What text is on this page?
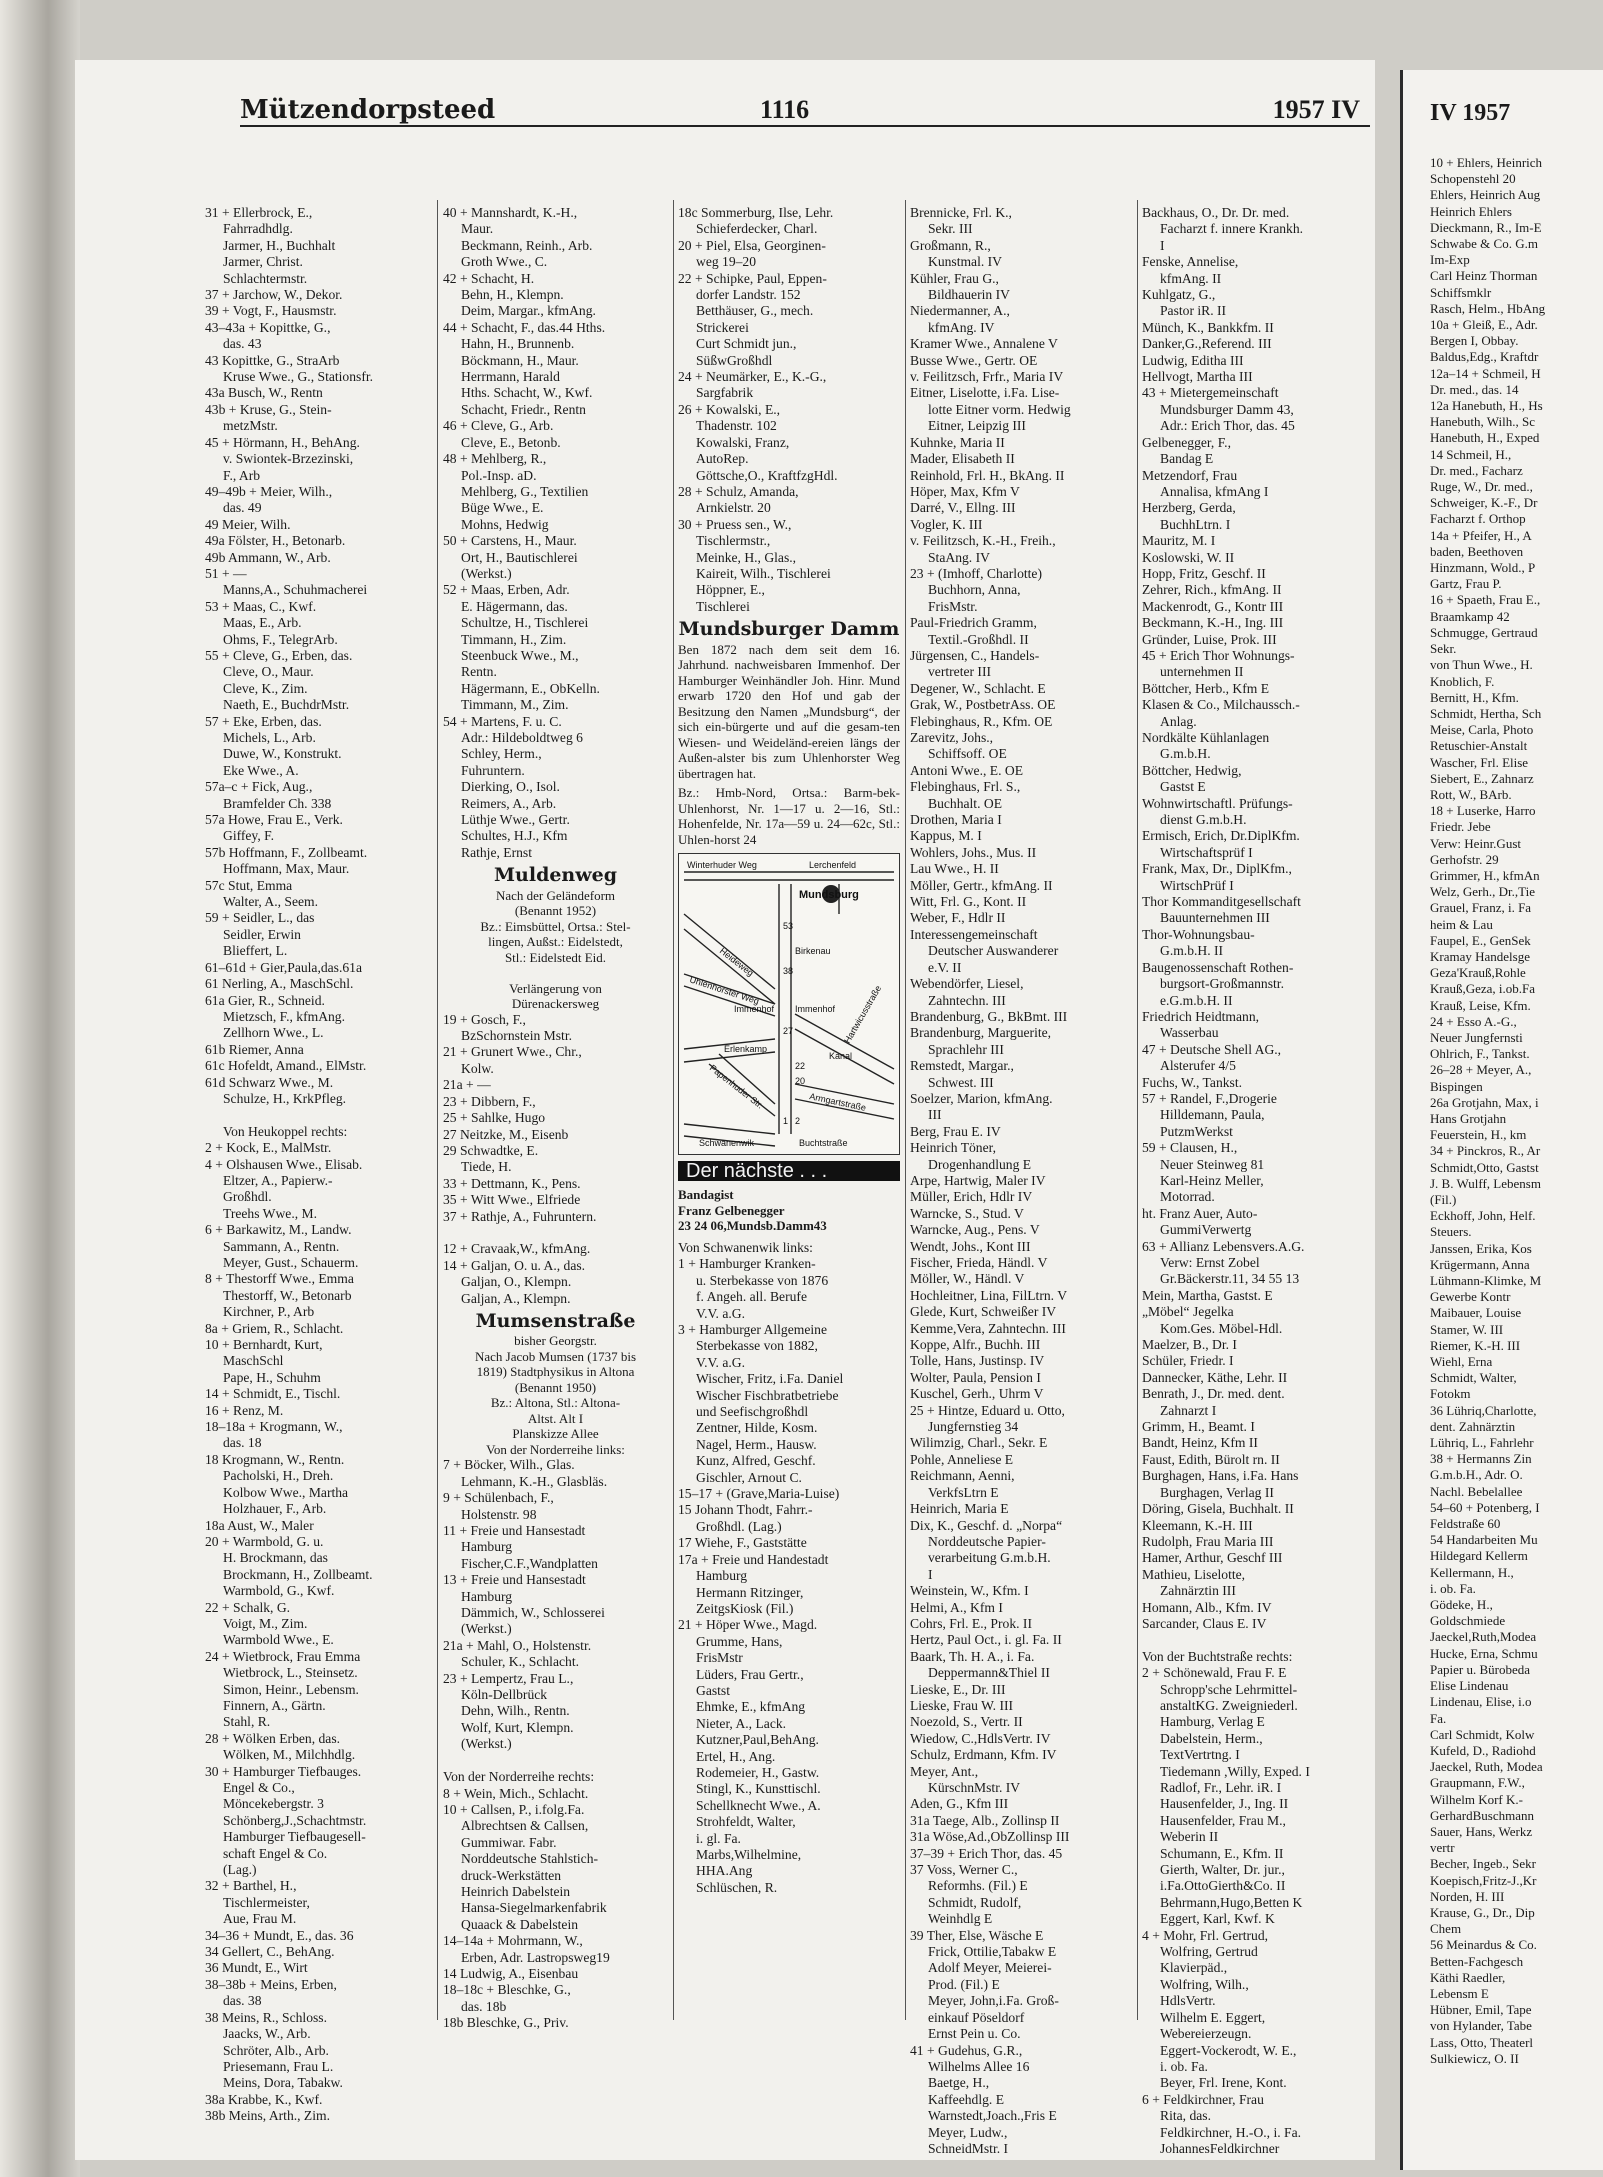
Mützendorpsteed	1116	1957 IV	IV 1957
31 + Ellerbrock, E.,
Fahrradhdlg.
Jarmer, H., Buchhalt
Jarmer, Christ.
Schlachtermstr.
37 + Jarchow, W., Dekor.
39 + Vogt, F., Hausmstr.
43–43a + Kopittke, G.,
das. 43
43 Kopittke, G., StraArb
Kruse Wwe., G., Stationsfr.
43a Busch, W., Rentn
43b + Kruse, G., Stein-
metzMstr.
45 + Hörmann, H., BehAng.
v. Swiontek-Brzezinski,
F., Arb
49–49b + Meier, Wilh.,
das. 49
49 Meier, Wilh.
49a Fölster, H., Betonarb.
49b Ammann, W., Arb.
51 + —
Manns,A., Schuhmacherei
53 + Maas, C., Kwf.
Maas, E., Arb.
Ohms, F., TelegrArb.
55 + Cleve, G., Erben, das.
Cleve, O., Maur.
Cleve, K., Zim.
Naeth, E., BuchdrMstr.
57 + Eke, Erben, das.
Michels, L., Arb.
Duwe, W., Konstrukt.
Eke Wwe., A.
57a–c + Fick, Aug.,
Bramfelder Ch. 338
57a Howe, Frau E., Verk.
Giffey, F.
57b Hoffmann, F., Zollbeamt.
Hoffmann, Max, Maur.
57c Stut, Emma
Walter, A., Seem.
59 + Seidler, L., das
Seidler, Erwin
Blieffert, L.
61–61d + Gier,Paula,das.61a
61 Nerling, A., MaschSchl.
61a Gier, R., Schneid.
Mietzsch, F., kfmAng.
Zellhorn Wwe., L.
61b Riemer, Anna
61c Hofeldt, Amand., ElMstr.
61d Schwarz Wwe., M.
Schulze, H., KrkPfleg.

Von Heukoppel rechts:
2 + Kock, E., MalMstr.
4 + Olshausen Wwe., Elisab.
Eltzer, A., Papierw.-
Großhdl.
Treehs Wwe., M.
6 + Barkawitz, M., Landw.
Sammann, A., Rentn.
Meyer, Gust., Schauerm.
8 + Thestorff Wwe., Emma
Thestorff, W., Betonarb
Kirchner, P., Arb
8a + Griem, R., Schlacht.
10 + Bernhardt, Kurt,
MaschSchl
Pape, H., Schuhm
14 + Schmidt, E., Tischl.
16 + Renz, M.
18–18a + Krogmann, W.,
das. 18
18 Krogmann, W., Rentn.
Pacholski, H., Dreh.
Kolbow Wwe., Martha
Holzhauer, F., Arb.
18a Aust, W., Maler
20 + Warmbold, G. u.
H. Brockmann, das
Brockmann, H., Zollbeamt.
Warmbold, G., Kwf.
22 + Schalk, G.
Voigt, M., Zim.
Warmbold Wwe., E.
24 + Wietbrock, Frau Emma
Wietbrock, L., Steinsetz.
Simon, Heinr., Lebensm.
Finnern, A., Gärtn.
Stahl, R.
28 + Wölken Erben, das.
Wölken, M., Milchhdlg.
30 + Hamburger Tiefbauges.
Engel & Co.,
Möncekebergstr. 3
Schönberg,J.,Schachtmstr.
Hamburger Tiefbaugesell-
schaft Engel & Co.
(Lag.)
32 + Barthel, H.,
Tischlermeister,
Aue, Frau M.
34–36 + Mundt, E., das. 36
34 Gellert, C., BehAng.
36 Mundt, E., Wirt
38–38b + Meins, Erben,
das. 38
38 Meins, R., Schloss.
Jaacks, W., Arb.
Schröter, Alb., Arb.
Priesemann, Frau L.
Meins, Dora, Tabakw.
38a Krabbe, K., Kwf.
38b Meins, Arth., Zim.
40 + Mannshardt, K.-H.,
Maur.
Beckmann, Reinh., Arb.
Groth Wwe., C.
42 + Schacht, H.
Behn, H., Klempn.
Deim, Margar., kfmAng.
44 + Schacht, F., das.44 Hths.
Hahn, H., Brunnenb.
Böckmann, H., Maur.
Herrmann, Harald
Hths. Schacht, W., Kwf.
Schacht, Friedr., Rentn
46 + Cleve, G., Arb.
Cleve, E., Betonb.
48 + Mehlberg, R.,
Pol.-Insp. aD.
Mehlberg, G., Textilien
Büge Wwe., E.
Mohns, Hedwig
50 + Carstens, H., Maur.
Ort, H., Bautischlerei
(Werkst.)
52 + Maas, Erben, Adr.
E. Hägermann, das.
Schultze, H., Tischlerei
Timmann, H., Zim.
Steenbuck Wwe., M.,
Rentn.
Hägermann, E., ObKelln.
Timmann, M., Zim.
54 + Martens, F. u. C.
Adr.: Hildeboldtweg 6
Schley, Herm.,
Fuhruntern.
Dierking, O., Isol.
Reimers, A., Arb.
Lüthje Wwe., Gertr.
Schultes, H.J., Kfm
Rathje, Ernst
Muldenweg
Nach der Geländeform
(Benannt 1952)
Bz.: Eimsbüttel, Ortsa.: Stel-
lingen, Außst.: Eidelstedt,
Stl.: Eidelstedt Eid.

Verlängerung von
Dürenackersweg
19 + Gosch, F.,
BzSchornstein Mstr.
21 + Grunert Wwe., Chr.,
Kolw.
21a + —
23 + Dibbern, F.,
25 + Sahlke, Hugo
27 Neitzke, M., Eisenb
29 Schwadtke, E.
Tiede, H.
33 + Dettmann, K., Pens.
35 + Witt Wwe., Elfriede
37 + Rathje, A., Fuhruntern.

12 + Cravaak,W., kfmAng.
14 + Galjan, O. u. A., das.
Galjan, O., Klempn.
Galjan, A., Klempn.
Mumsenstraße
bisher Georgstr.
Nach Jacob Mumsen (1737 bis
1819) Stadtphysikus in Altona
(Benannt 1950)
Bz.: Altona, Stl.: Altona-
Altst. Alt I
Planskizze Allee
Von der Norderreihe links:
7 + Böcker, Wilh., Glas.
Lehmann, K.-H., Glasbläs.
9 + Schülenbach, F.,
Holstenstr. 98
11 + Freie und Hansestadt
Hamburg
Fischer,C.F.,Wandplatten
13 + Freie und Hansestadt
Hamburg
Dämmich, W., Schlosserei
(Werkst.)
21a + Mahl, O., Holstenstr.
Schuler, K., Schlacht.
23 + Lempertz, Frau L.,
Köln-Dellbrück
Dehn, Wilh., Rentn.
Wolf, Kurt, Klempn.
(Werkst.)

Von der Norderreihe rechts:
8 + Wein, Mich., Schlacht.
10 + Callsen, P., i.folg.Fa.
Albrechtsen & Callsen,
Gummiwar. Fabr.
Norddeutsche Stahlstich-
druck-Werkstätten
Heinrich Dabelstein
Hansa-Siegelmarkenfabrik
Quaack & Dabelstein
14–14a + Mohrmann, W.,
Erben, Adr. Lastropsweg19
14 Ludwig, A., Eisenbau
18–18c + Bleschke, G.,
das. 18b
18b Bleschke, G., Priv.
18c Sommerburg, Ilse, Lehr.
Schieferdecker, Charl.
20 + Piel, Elsa, Georginen-
weg 19–20
22 + Schipke, Paul, Eppen-
dorfer Landstr. 152
Betthäuser, G., mech.
Strickerei
Curt Schmidt jun.,
SüßwGroßhdl
24 + Neumärker, E., K.-G.,
Sargfabrik
26 + Kowalski, E.,
Thadenstr. 102
Kowalski, Franz,
AutoRep.
Göttsche,O., KraftfzgHdl.
28 + Schulz, Amanda,
Arnkielstr. 20
30 + Pruess sen., W.,
Tischlermstr.,
Meinke, H., Glas.,
Kaireit, Wilh., Tischlerei
Höppner, E.,
Tischlerei
Mundsburger Damm
Ben 1872 nach dem seit dem 16. Jahrhund. nachweisbaren Immenhof. Der Hamburger Weinhändler Joh. Hinr. Mund erwarb 1720 den Hof und gab der Besitzung den Namen „Mundsburg“, der sich ein-bürgerte und auf die gesam-ten Wiesen- und Weideländ-ereien längs der Außen-alster bis zum Uhlenhorster Weg übertragen hat.
Bz.: Hmb-Nord, Ortsa.: Barm-bek-Uhlenhorst, Nr. 1—17 u. 2—16, Stl.: Hohenfelde, Nr. 17a—59 u. 24—62c, Stl.: Uhlen-horst 24
Winterhuder Weg	Lerchenfeld
Mundsburg
Heideweg
Uhlenhorster Weg
Birkenau
Immenhof Immenhof
Erlenkamp
Papenhuder Str.
Hartwicusstraße
Schwanenwik	Buchtstraße
Armgartstraße
Kanal
53
38
27
22
20
1 2
Der nächste . . .
Bandagist
Franz Gelbenegger
23 24 06,Mundsb.Damm43
Von Schwanenwik links:
1 + Hamburger Kranken-
u. Sterbekasse von 1876
f. Angeh. all. Berufe
V.V. a.G.
3 + Hamburger Allgemeine
Sterbekasse von 1882,
V.V. a.G.
Wischer, Fritz, i.Fa. Daniel
Wischer Fischbratbetriebe
und Seefischgroßhdl
Zentner, Hilde, Kosm.
Nagel, Herm., Hausw.
Kunz, Alfred, Geschf.
Gischler, Arnout C.
15–17 + (Grave,Maria-Luise)
15 Johann Thodt, Fahrr.-
Großhdl. (Lag.)
17 Wiehe, F., Gaststätte
17a + Freie und Handestadt
Hamburg
Hermann Ritzinger,
ZeitgsKiosk (Fil.)
21 + Höper Wwe., Magd.
Grumme, Hans,
FrisMstr
Lüders, Frau Gertr.,
Gastst
Ehmke, E., kfmAng
Nieter, A., Lack.
Kutzner,Paul,BehAng.
Ertel, H., Ang.
Rodemeier, H., Gastw.
Stingl, K., Kunsttischl.
Schellknecht Wwe., A.
Strohfeldt, Walter,
i. gl. Fa.
Marbs,Wilhelmine,
HHA.Ang
Schlüschen, R.
Brennicke, Frl. K.,
Sekr. III
Großmann, R.,
Kunstmal. IV
Kühler, Frau G.,
Bildhauerin IV
Niedermanner, A.,
kfmAng. IV
Kramer Wwe., Annalene V
Busse Wwe., Gertr. OE
v. Feilitzsch, Frfr., Maria IV
Eitner, Liselotte, i.Fa. Lise-
lotte Eitner vorm. Hedwig
Eitner, Leipzig III
Kuhnke, Maria II
Mader, Elisabeth II
Reinhold, Frl. H., BkAng. II
Höper, Max, Kfm V
Darré, V., Ellng. III
Vogler, K. III
v. Feilitzsch, K.-H., Freih.,
StaAng. IV
23 + (Imhoff, Charlotte)
Buchhorn, Anna,
FrisMstr.
Paul-Friedrich Gramm,
Textil.-Großhdl. II
Jürgensen, C., Handels-
vertreter III
Degener, W., Schlacht. E
Grak, W., PostbetrAss. OE
Flebinghaus, R., Kfm. OE
Zarevitz, Johs.,
Schiffsoff. OE
Antoni Wwe., E. OE
Flebinghaus, Frl. S.,
Buchhalt. OE
Drothen, Maria I
Kappus, M. I
Wohlers, Johs., Mus. II
Lau Wwe., H. II
Möller, Gertr., kfmAng. II
Witt, Frl. G., Kont. II
Weber, F., Hdlr II
Interessengemeinschaft
Deutscher Auswanderer
e.V. II
Webendörfer, Liesel,
Zahntechn. III
Brandenburg, G., BkBmt. III
Brandenburg, Marguerite,
Sprachlehr III
Remstedt, Margar.,
Schwest. III
Soelzer, Marion, kfmAng.
III
Berg, Frau E. IV
Heinrich Töner,
Drogenhandlung E
Arpe, Hartwig, Maler IV
Müller, Erich, Hdlr IV
Warncke, S., Stud. V
Warncke, Aug., Pens. V
Wendt, Johs., Kont III
Fischer, Frieda, Händl. V
Möller, W., Händl. V
Hochleitner, Lina, FilLtrn. V
Glede, Kurt, Schweißer IV
Kemme,Vera, Zahntechn. III
Koppe, Alfr., Buchh. III
Tolle, Hans, Justinsp. IV
Wolter, Paula, Pension I
Kuschel, Gerh., Uhrm V
25 + Hintze, Eduard u. Otto,
Jungfernstieg 34
Wilimzig, Charl., Sekr. E
Pohle, Anneliese E
Reichmann, Aenni,
VerkfsLtrn E
Heinrich, Maria E
Dix, K., Geschf. d. „Norpa“
Norddeutsche Papier-
verarbeitung G.m.b.H.
I
Weinstein, W., Kfm. I
Helmi, A., Kfm I
Cohrs, Frl. E., Prok. II
Hertz, Paul Oct., i. gl. Fa. II
Baark, Th. H. A., i. Fa.
Deppermann&Thiel II
Lieske, E., Dr. III
Lieske, Frau W. III
Noezold, S., Vertr. II
Wiedow, C.,HdlsVertr. IV
Schulz, Erdmann, Kfm. IV
Meyer, Ant.,
KürschnMstr. IV
Aden, G., Kfm III
31a Taege, Alb., Zollinsp II
31a Wöse,Ad.,ObZollinsp III
37–39 + Erich Thor, das. 45
37 Voss, Werner C.,
Reformhs. (Fil.) E
Schmidt, Rudolf,
Weinhdlg E
39 Ther, Else, Wäsche E
Frick, Ottilie,Tabakw E
Adolf Meyer, Meierei-
Prod. (Fil.) E
Meyer, John,i.Fa. Groß-
einkauf Pöseldorf
Ernst Pein u. Co.
41 + Gudehus, G.R.,
Wilhelms Allee 16
Baetge, H.,
Kaffeehdlg. E
Warnstedt,Joach.,Fris E
Meyer, Ludw.,
SchneidMstr. I
Backhaus, O., Dr. Dr. med.
Facharzt f. innere Krankh.
I
Fenske, Annelise,
kfmAng. II
Kuhlgatz, G.,
Pastor iR. II
Münch, K., Bankkfm. II
Danker,G.,Referend. III
Ludwig, Editha III
Hellvogt, Martha III
43 + Mietergemeinschaft
Mundsburger Damm 43,
Adr.: Erich Thor, das. 45
Gelbenegger, F.,
Bandag E
Metzendorf, Frau
Annalisa, kfmAng I
Herzberg, Gerda,
BuchhLtrn. I
Mauritz, M. I
Koslowski, W. II
Hopp, Fritz, Geschf. II
Zehrer, Rich., kfmAng. II
Mackenrodt, G., Kontr III
Beckmann, K.-H., Ing. III
Gründer, Luise, Prok. III
45 + Erich Thor Wohnungs-
unternehmen II
Böttcher, Herb., Kfm E
Klasen & Co., Milchaussch.-
Anlag.
Nordkälte Kühlanlagen
G.m.b.H.
Böttcher, Hedwig,
Gastst E
Wohnwirtschaftl. Prüfungs-
dienst G.m.b.H.
Ermisch, Erich, Dr.DiplKfm.
Wirtschaftsprüf I
Frank, Max, Dr., DiplKfm.,
WirtschPrüf I
Thor Kommanditgesellschaft
Bauunternehmen III
Thor-Wohnungsbau-
G.m.b.H. II
Baugenossenschaft Rothen-
burgsort-Großmannstr.
e.G.m.b.H. II
Friedrich Heidtmann,
Wasserbau
47 + Deutsche Shell AG.,
Alsterufer 4/5
Fuchs, W., Tankst.
57 + Randel, F.,Drogerie
Hilldemann, Paula,
PutzmWerkst
59 + Clausen, H.,
Neuer Steinweg 81
Karl-Heinz Meller,
Motorrad.
ht. Franz Auer, Auto-
GummiVerwertg
63 + Allianz Lebensvers.A.G.
Verw: Ernst Zobel
Gr.Bäckerstr.11, 34 55 13
Mein, Martha, Gastst. E
„Möbel“ Jegelka
Kom.Ges. Möbel-Hdl.
Maelzer, B., Dr. I
Schüler, Friedr. I
Dannecker, Käthe, Lehr. II
Benrath, J., Dr. med. dent.
Zahnarzt I
Grimm, H., Beamt. I
Bandt, Heinz, Kfm II
Faust, Edith, Bürolt rn. II
Burghagen, Hans, i.Fa. Hans
Burghagen, Verlag II
Döring, Gisela, Buchhalt. II
Kleemann, K.-H. III
Rudolph, Frau Maria III
Hamer, Arthur, Geschf III
Mathieu, Liselotte,
Zahnärztin III
Homann, Alb., Kfm. IV
Sarcander, Claus E. IV

Von der Buchtstraße rechts:
2 + Schönewald, Frau F. E
Schropp'sche Lehrmittel-
anstaltKG. Zweigniederl.
Hamburg, Verlag E
Dabelstein, Herm.,
TextVertrtng. I
Tiedemann ,Willy, Exped. I
Radlof, Fr., Lehr. iR. I
Hausenfelder, J., Ing. II
Hausenfelder, Frau M.,
Weberin II
Schumann, E., Kfm. II
Gierth, Walter, Dr. jur.,
i.Fa.OttoGierth&Co. II
Behrmann,Hugo,Betten K
Eggert, Karl, Kwf. K
4 + Mohr, Frl. Gertrud,
Wolfring, Gertrud
Klavierpäd.,
Wolfring, Wilh.,
HdlsVertr.
Wilhelm E. Eggert,
Webereierzeugn.
Eggert-Vockerodt, W. E.,
i. ob. Fa.
Beyer, Frl. Irene, Kont.
6 + Feldkirchner, Frau
Rita, das.
Feldkirchner, H.-O., i. Fa.
JohannesFeldkirchner
10 + Ehlers, Heinrich
Schopenstehl 20
Ehlers, Heinrich Aug
Heinrich Ehlers
Dieckmann, R., Im-E
Schwabe & Co. G.m
Im-Exp
Carl Heinz Thorman
Schiffsmklr
Rasch, Helm., HbAng
10a + Gleiß, E., Adr.
Bergen I, Obbay.
Baldus,Edg., Kraftdr
12a–14 + Schmeil, H
Dr. med., das. 14
12a Hanebuth, H., Hs
Hanebuth, Wilh., Sc
Hanebuth, H., Exped
14 Schmeil, H.,
Dr. med., Facharz
Ruge, W., Dr. med.,
Schweiger, K.-F., Dr
Facharzt f. Orthop
14a + Pfeifer, H., A
baden, Beethoven
Hinzmann, Wold., P
Gartz, Frau P.
16 + Spaeth, Frau E.,
Braamkamp 42
Schmugge, Gertraud
Sekr.
von Thun Wwe., H.
Knoblich, F.
Bernitt, H., Kfm.
Schmidt, Hertha, Sch
Meise, Carla, Photo
Retuschier-Anstalt
Wascher, Frl. Elise
Siebert, E., Zahnarz
Rott, W., BArb.
18 + Luserke, Harro
Friedr. Jebe
Verw: Heinr.Gust
Gerhofstr. 29
Grimmer, H., kfmAn
Welz, Gerh., Dr.,Tie
Grauel, Franz, i. Fa
heim & Lau
Faupel, E., GenSek
Kramay Handelsge
Geza'Krauß,Rohle
Krauß,Geza, i.ob.Fa
Krauß, Leise, Kfm.
24 + Esso A.-G.,
Neuer Jungfernsti
Ohlrich, F., Tankst.
26–28 + Meyer, A.,
Bispingen
26a Grotjahn, Max, i
Hans Grotjahn
Feuerstein, H., km
34 + Pinckros, R., Ar
Schmidt,Otto, Gastst
J. B. Wulff, Lebensm
(Fil.)
Eckhoff, John, Helf.
Steuers.
Janssen, Erika, Kos
Krügermann, Anna
Lühmann-Klimke, M
Gewerbe Kontr
Maibauer, Louise
Stamer, W. III
Riemer, K.-H. III
Wiehl, Erna
Schmidt, Walter,
Fotokm
36 Lühriq,Charlotte,
dent. Zahnärztin
Lühriq, L., Fahrlehr
38 + Hermanns Zin
G.m.b.H., Adr. O.
Nachl. Bebelallee
54–60 + Potenberg, I
Feldstraße 60
54 Handarbeiten Mu
Hildegard Kellerm
Kellermann, H.,
i. ob. Fa.
Gödeke, H.,
Goldschmiede
Jaeckel,Ruth,Modea
Hucke, Erna, Schmu
Papier u. Bürobeda
Elise Lindenau
Lindenau, Elise, i.o
Fa.
Carl Schmidt, Kolw
Kufeld, D., Radiohd
Jaeckel, Ruth, Modea
Graupmann, F.W.,
Wilhelm Korf K.-
GerhardBuschmann
Sauer, Hans, Werkz
vertr
Becher, Ingeb., Sekr
Koepisch,Fritz-J.,Kr
Norden, H. III
Krause, G., Dr., Dip
Chem
56 Meinardus & Co.
Betten-Fachgesch
Käthi Raedler,
Lebensm E
Hübner, Emil, Tape
von Hylander, Tabe
Lass, Otto, Theaterl
Sulkiewicz, O. II
